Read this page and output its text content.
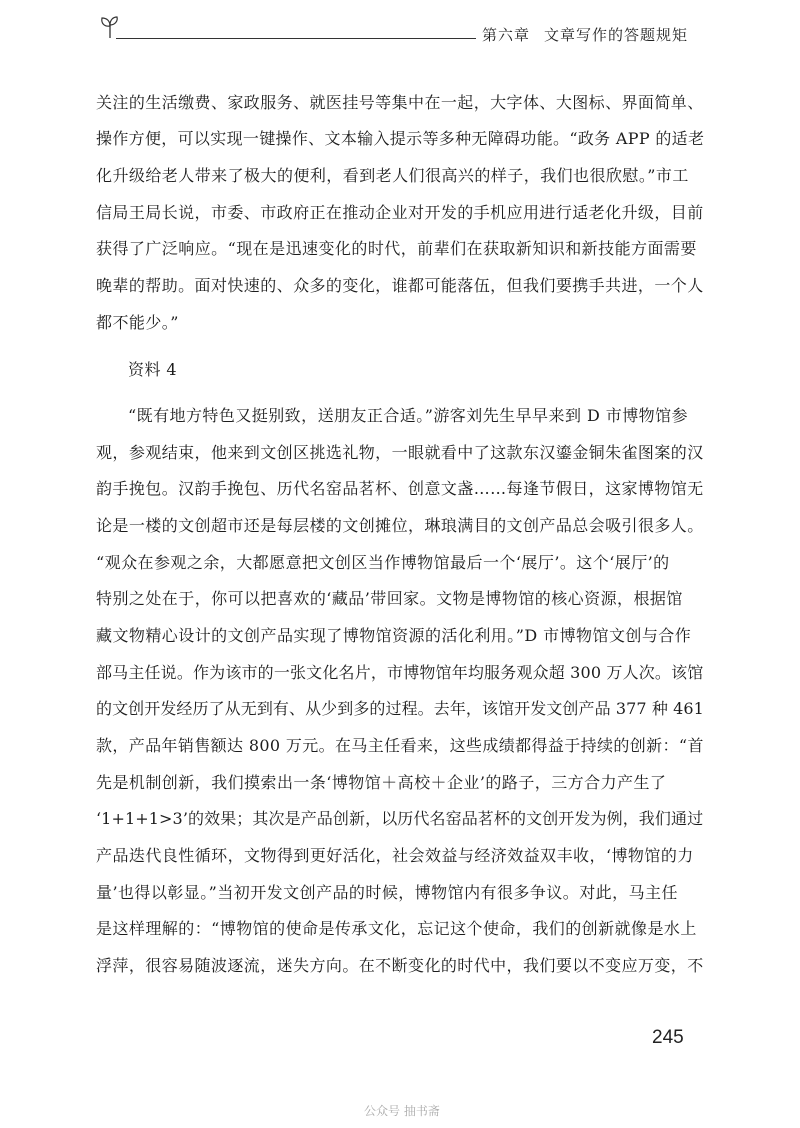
第六章 文章写作的答题规矩
关注的生活缴费、家政服务、就医挂号等集中在一起，大字体、大图标、界面简单、
操作方便，可以实现一键操作、文本输入提示等多种无障碍功能。“政务 APP 的适老
化升级给老人带来了极大的便利，看到老人们很高兴的样子，我们也很欣慰。”市工
信局王局长说，市委、市政府正在推动企业对开发的手机应用进行适老化升级，目前
获得了广泛响应。“现在是迅速变化的时代，前辈们在获取新知识和新技能方面需要
晚辈的帮助。面对快速的、众多的变化，谁都可能落伍，但我们要携手共进，一个人
都不能少。”
资料 4
“既有地方特色又挺别致，送朋友正合适。”游客刘先生早早来到 D 市博物馆参
观，参观结束，他来到文创区挑选礼物，一眼就看中了这款东汉鎏金铜朱雀图案的汉
韵手挽包。汉韵手挽包、历代名窑品茗杯、创意文盏……每逢节假日，这家博物馆无
论是一楼的文创超市还是每层楼的文创摊位，琳琅满目的文创产品总会吸引很多人。
“观众在参观之余，大都愿意把文创区当作博物馆最后一个‘展厅’。这个‘展厅’的
特别之处在于，你可以把喜欢的‘藏品’带回家。文物是博物馆的核心资源，根据馆
藏文物精心设计的文创产品实现了博物馆资源的活化利用。”D 市博物馆文创与合作
部马主任说。作为该市的一张文化名片，市博物馆年均服务观众超 300 万人次。该馆
的文创开发经历了从无到有、从少到多的过程。去年，该馆开发文创产品 377 种 461
款，产品年销售额达 800 万元。在马主任看来，这些成绩都得益于持续的创新：“首
先是机制创新，我们摸索出一条‘博物馆＋高校＋企业’的路子，三方合力产生了
‘1+1+1>3’的效果；其次是产品创新，以历代名窑品茗杯的文创开发为例，我们通过
产品迭代良性循环，文物得到更好活化，社会效益与经济效益双丰收，‘博物馆的力
量’也得以彰显。”当初开发文创产品的时候，博物馆内有很多争议。对此，马主任
是这样理解的：“博物馆的使命是传承文化，忘记这个使命，我们的创新就像是水上
浮萍，很容易随波逐流，迷失方向。在不断变化的时代中，我们要以不变应万变，不
245
公众号 抽书斋
